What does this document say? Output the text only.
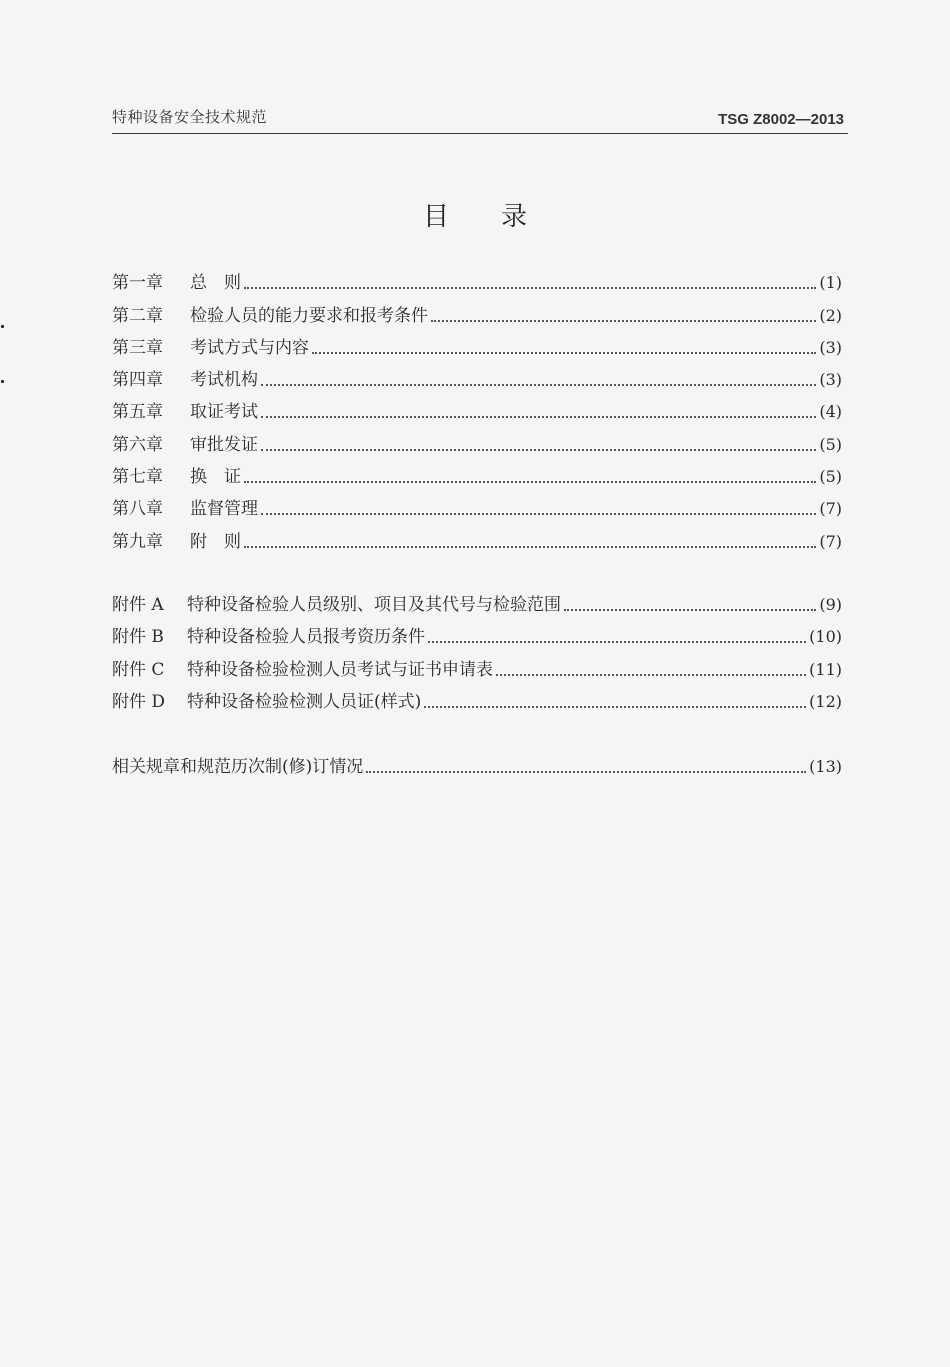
特种设备安全技术规范	TSG Z8002—2013
目录
第一章	总　则	(1)
第二章	检验人员的能力要求和报考条件	(2)
第三章	考试方式与内容	(3)
第四章	考试机构	(3)
第五章	取证考试	(4)
第六章	审批发证	(5)
第七章	换　证	(5)
第八章	监督管理	(7)
第九章	附　则	(7)
附件 A	特种设备检验人员级别、项目及其代号与检验范围	(9)
附件 B	特种设备检验人员报考资历条件	(10)
附件 C	特种设备检验检测人员考试与证书申请表	(11)
附件 D	特种设备检验检测人员证(样式)	(12)
相关规章和规范历次制(修)订情况	(13)
